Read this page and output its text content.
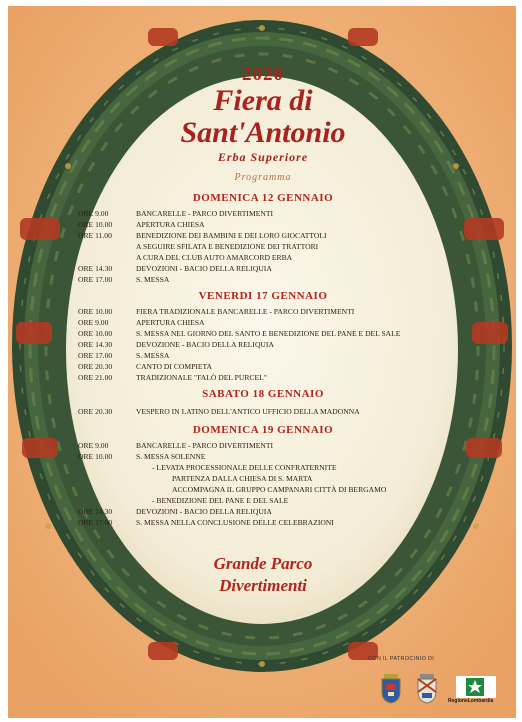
2020
Fiera di
Sant'Antonio
Erba Superiore
Programma
DOMENICA 12 GENNAIO
ORE 9.00	BANCARELLE - PARCO DIVERTIMENTI
ORE 10.00	APERTURA CHIESA
ORE 11.00	BENEDIZIONE DEI BAMBINI E DEI LORO GIOCATTOLI
A SEGUIRE SFILATA E BENEDIZIONE DEI TRATTORI
A CURA DEL CLUB AUTO AMARCORD ERBA
ORE 14.30	DEVOZIONI - BACIO DELLA RELIQUIA
ORE 17.00	S. MESSA
VENERDI 17 GENNAIO
ORE 10.00	FIERA TRADIZIONALE BANCARELLE - PARCO DIVERTIMENTI
ORE 9.00	APERTURA CHIESA
ORE 10.00	S. MESSA NEL GIORNO DEL SANTO E BENEDIZIONE DEL PANE E DEL SALE
ORE 14.30	DEVOZIONE - BACIO DELLA RELIQUIA
ORE 17.00	S. MESSA
ORE 20.30	CANTO DI COMPIETA
ORE 21.00	TRADIZIONALE "FALÒ DEL PURCEL"
SABATO 18 GENNAIO
ORE 20.30	VESPERO IN LATINO DELL'ANTICO UFFICIO DELLA MADONNA
DOMENICA 19 GENNAIO
ORE 9.00	BANCARELLE - PARCO DIVERTIMENTI
ORE 10.00	S. MESSA SOLENNE
- LEVATA PROCESSIONALE DELLE CONFRATERNITE
PARTENZA DALLA CHIESA DI S. MARTA
ACCOMPAGNA IL GRUPPO CAMPANARI CITTÀ DI BERGAMO
- BENEDIZIONE DEL PANE E DEL SALE
ORE 14.30	DEVOZIONI - BACIO DELLA RELIQUIA
ORE 17.00	S. MESSA NELLA CONCLUSIONE DELLE CELEBRAZIONI

Grande Parco

Divertimenti

CON IL PATROCINIO DI
RegioneLombardia
